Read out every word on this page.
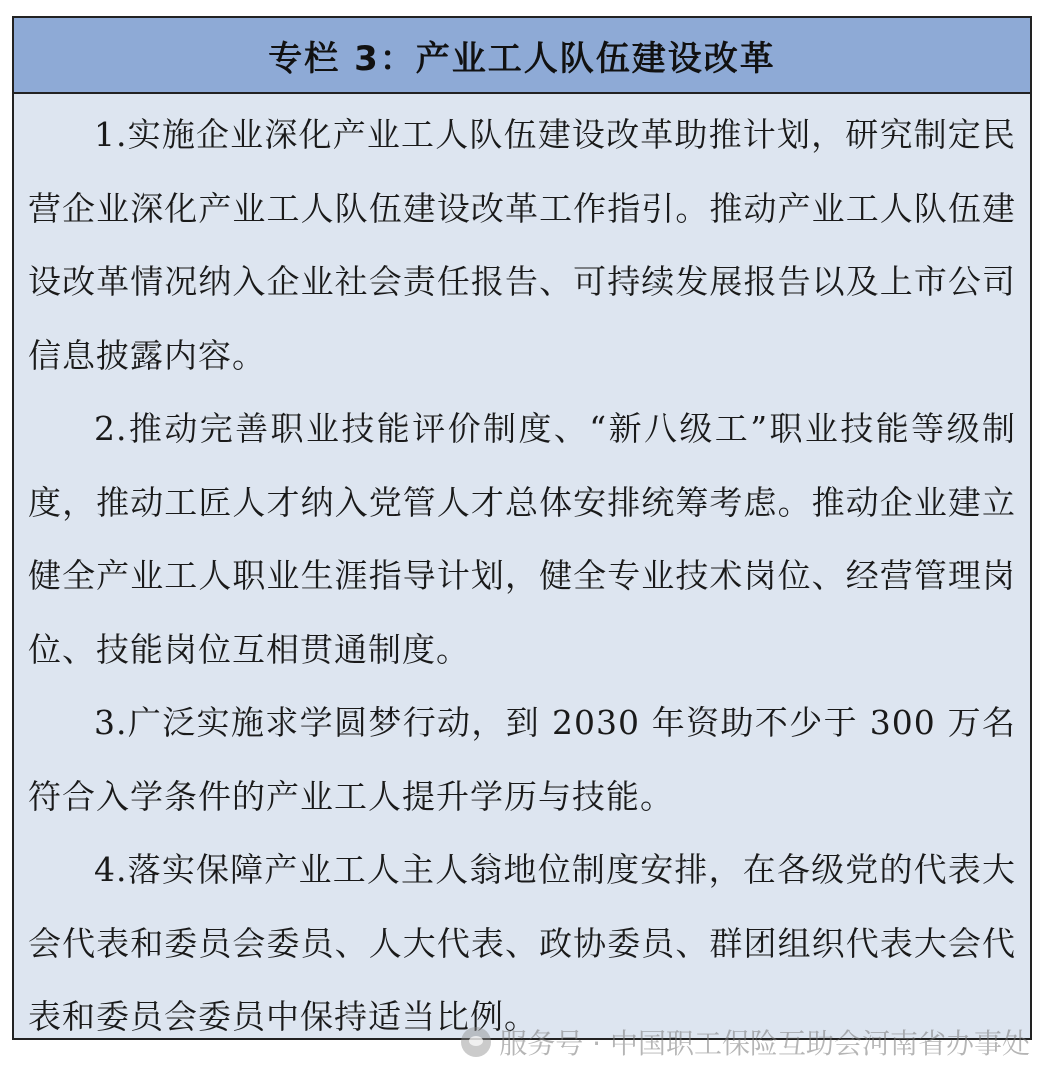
专栏 3：产业工人队伍建设改革

1.实施企业深化产业工人队伍建设改革助推计划，研究制定民营企业深化产业工人队伍建设改革工作指引。推动产业工人队伍建设改革情况纳入企业社会责任报告、可持续发展报告以及上市公司信息披露内容。

2.推动完善职业技能评价制度、“新八级工”职业技能等级制度，推动工匠人才纳入党管人才总体安排统筹考虑。推动企业建立健全产业工人职业生涯指导计划，健全专业技术岗位、经营管理岗位、技能岗位互相贯通制度。

3.广泛实施求学圆梦行动，到 2030 年资助不少于 300 万名符合入学条件的产业工人提升学历与技能。

4.落实保障产业工人主人翁地位制度安排，在各级党的代表大会代表和委员会委员、人大代表、政协委员、群团组织代表大会代表和委员会委员中保持适当比例。

服务号 · 中国职工保险互助会河南省办事处
